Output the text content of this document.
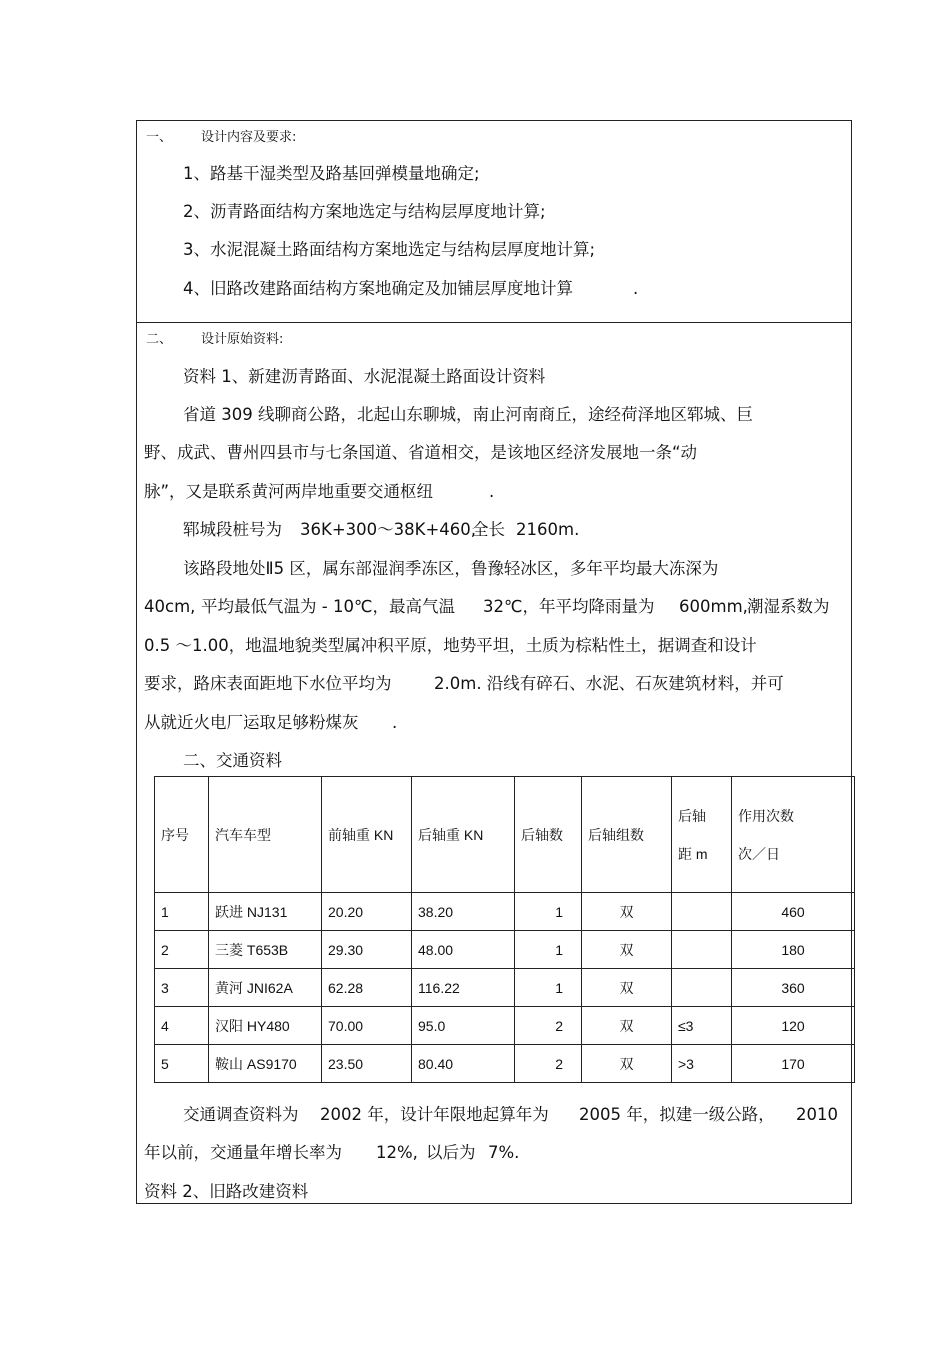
一、 设计内容及要求:
1、路基干湿类型及路基回弹模量地确定;
2、沥青路面结构方案地选定与结构层厚度地计算;
3、水泥混凝土路面结构方案地选定与结构层厚度地计算;
4、旧路改建路面结构方案地确定及加铺层厚度地计算	.
二、 设计原始资料:
资料 1、新建沥青路面、水泥混凝土路面设计资料
省道 309 线聊商公路，北起山东聊城，南止河南商丘，途经荷泽地区郓城、巨
野、成武、曹州四县市与七条国道、省道相交，是该地区经济发展地一条“动
脉”，又是联系黄河两岸地重要交通枢纽	.
郓城段桩号为 36K+300～38K+460,
全长 2160m.
该路段地处Ⅱ5 区，属东部湿润季冻区，鲁豫轻冰区，多年平均最大冻深为
40cm, 平均最低气温为 - 10℃，最高气温 32℃，年平均降雨量为 600mm, 潮湿系数为
0.5 ～1.00，地温地貌类型属冲积平原，地势平坦，土质为棕粘性土，据调查和设计
要求，路床表面距地下水位平均为	2.0m. 沿线有碎石、水泥、石灰建筑材料，并可
从就近火电厂运取足够粉煤灰 .
二、交通资料
序号	汽车车型	前轴重 KN	后轴重 KN	后轴数	后轴组数	后轴
距 m	作用次数
次／日

1	跃进 NJ131	20.20	38.20	1	双		460
2	三菱 T653B	29.30	48.00	1	双		180
3	黄河 JNI62A	62.28	116.22	1	双		360
4	汉阳 HY480	70.00	95.0	2	双	≤3	120
5	鞍山 AS9170	23.50	80.40	2	双	>3	170
交通调查资料为 2002 年，设计年限地起算年为 2005 年，拟建一级公路， 2010
年以前，交通量年增长率为 12%, 以后为 7%.
资料 2、旧路改建资料
